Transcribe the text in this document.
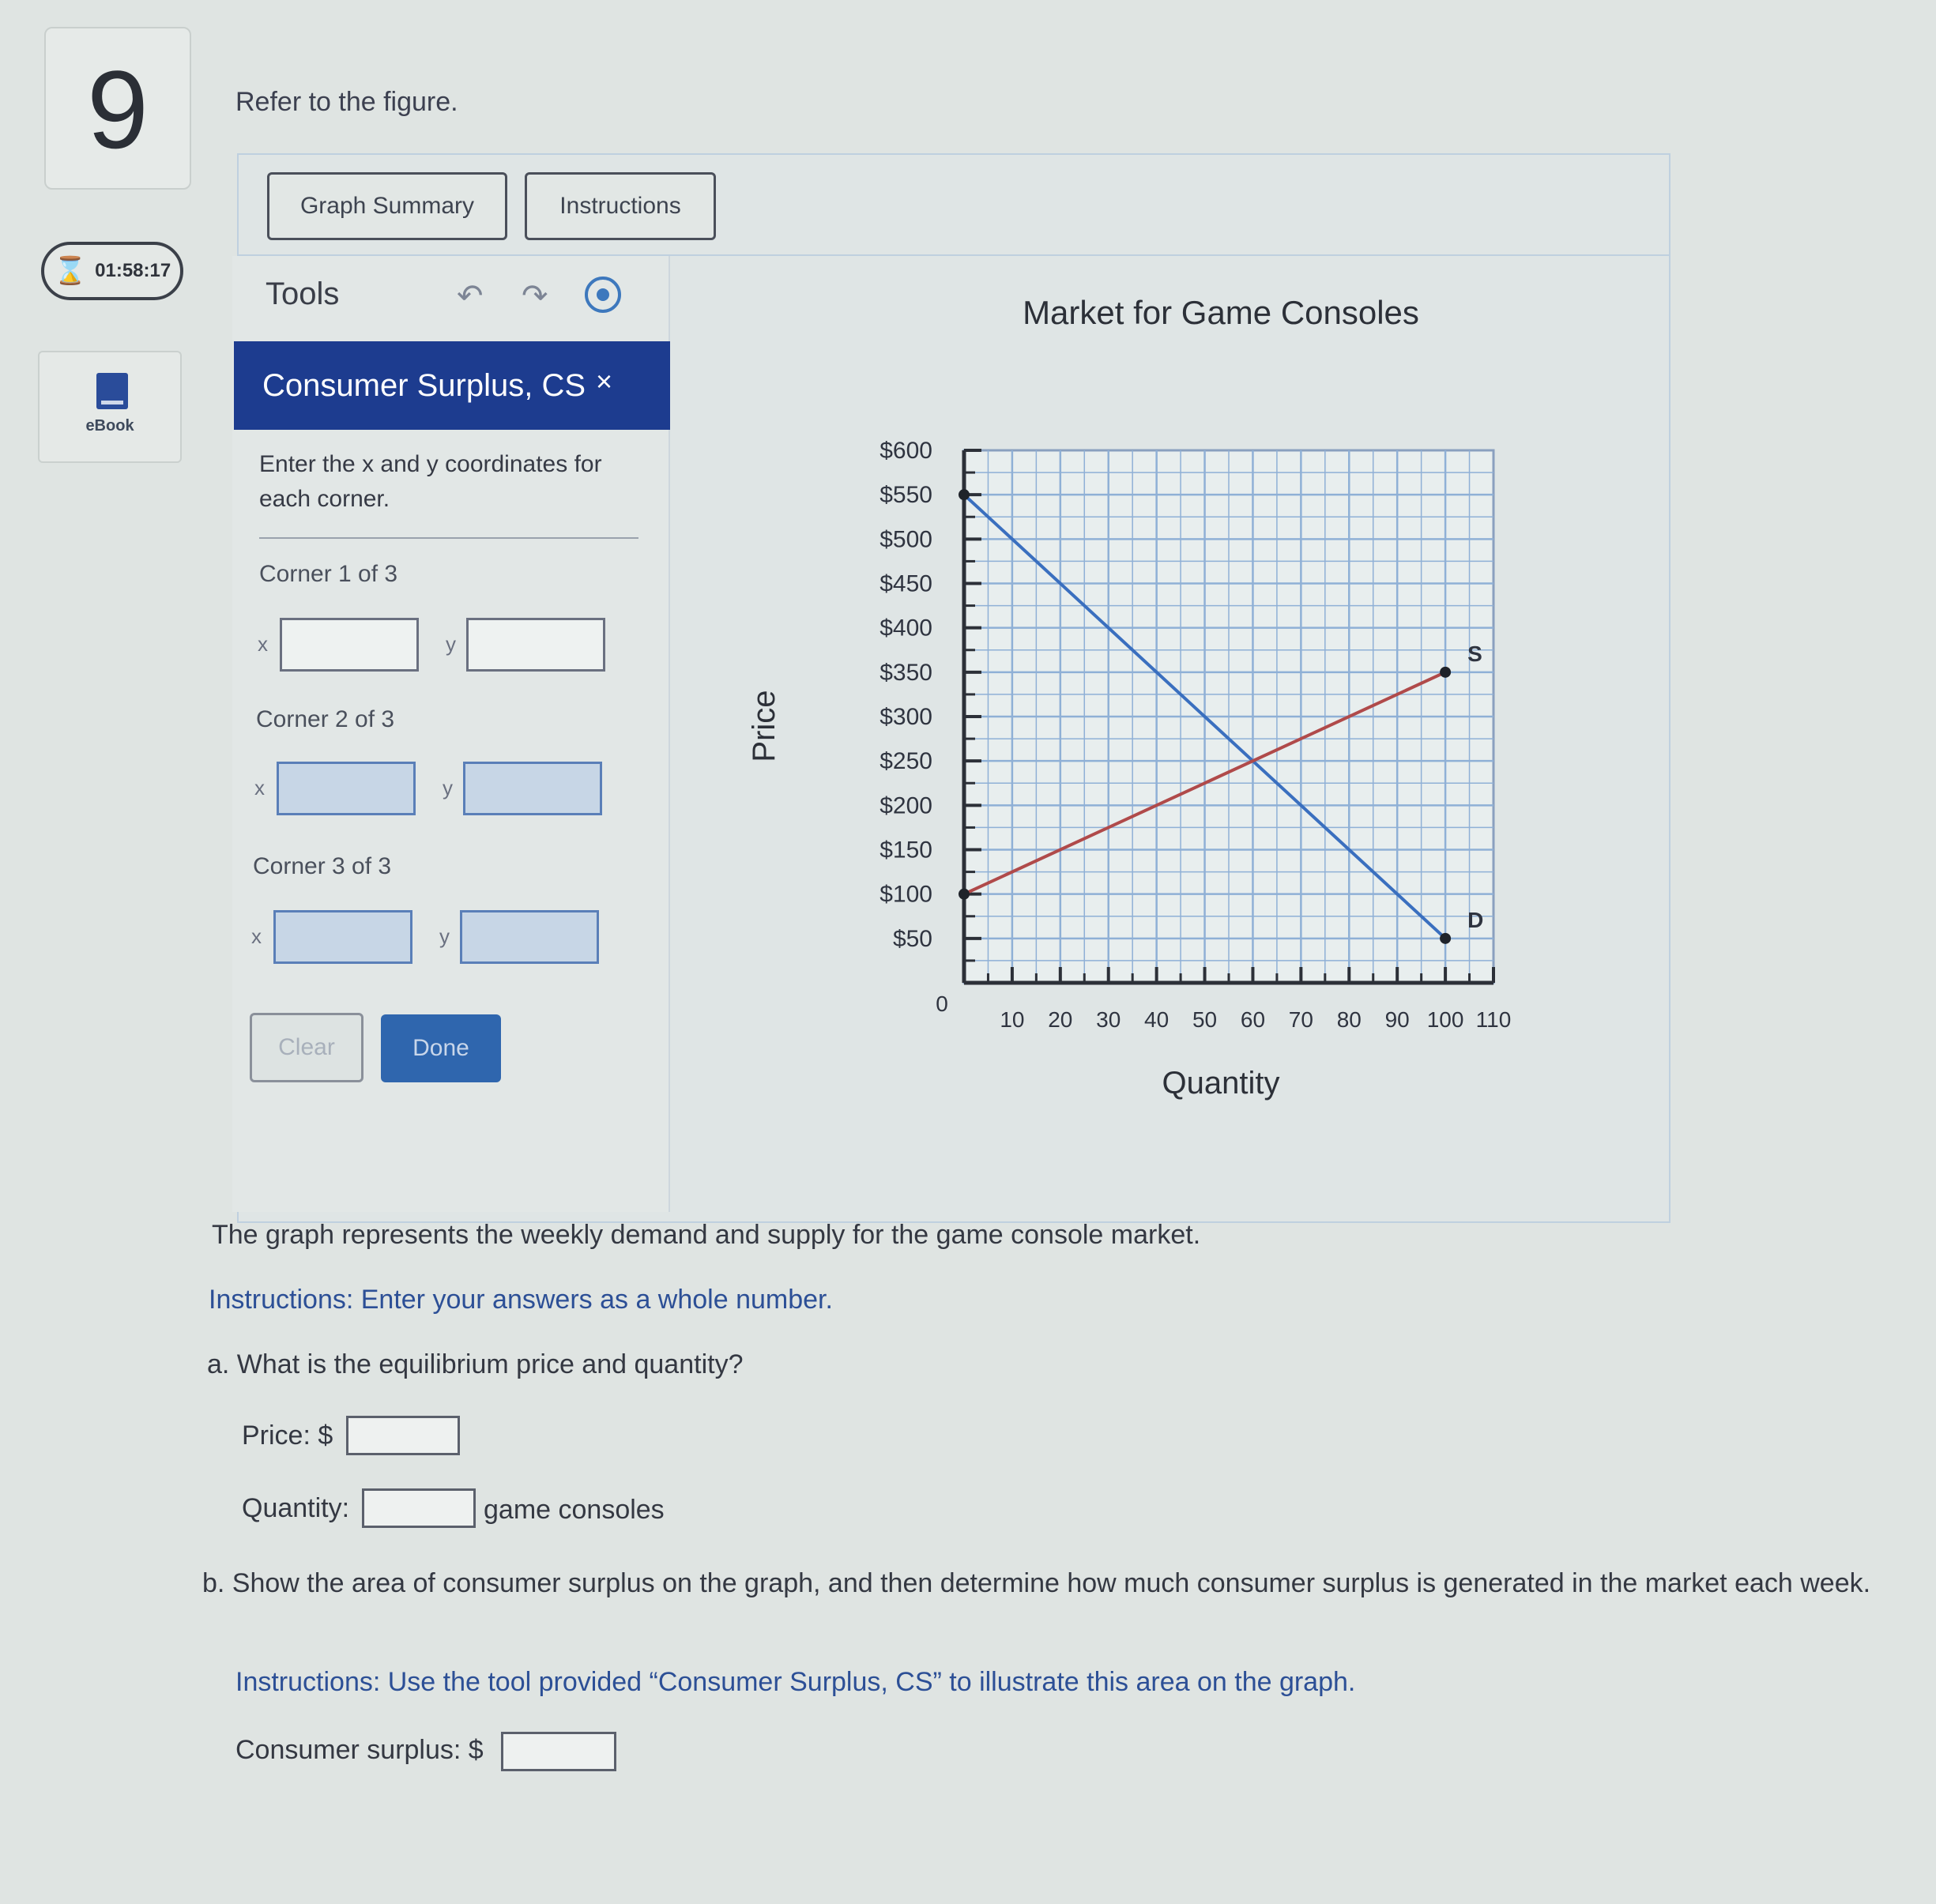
9
⌛ 01:58:17
eBook
Refer to the figure.
Graph Summary	Instructions
Tools	↶ ↷
Consumer Surplus, CS ×
Enter the x and y coordinates for each corner.
Corner 1 of 3
x	y
Corner 2 of 3
x	y
Corner 3 of 3
x	y
Clear	Done
$50
$100
$150
$200
$250
$300
$350
$400
$450
$500
$550
$600
10 20 30 40 50 60 70 80 90 100 110
0
D
S
Market for Game Consoles
Quantity
Price
The graph represents the weekly demand and supply for the game console market.
Instructions: Enter your answers as a whole number.
a. What is the equilibrium price and quantity?
Price: $
Quantity:	game consoles
b. Show the area of consumer surplus on the graph, and then determine how much consumer surplus is generated in the market each week.
Instructions: Use the tool provided “Consumer Surplus, CS” to illustrate this area on the graph.
Consumer surplus: $
